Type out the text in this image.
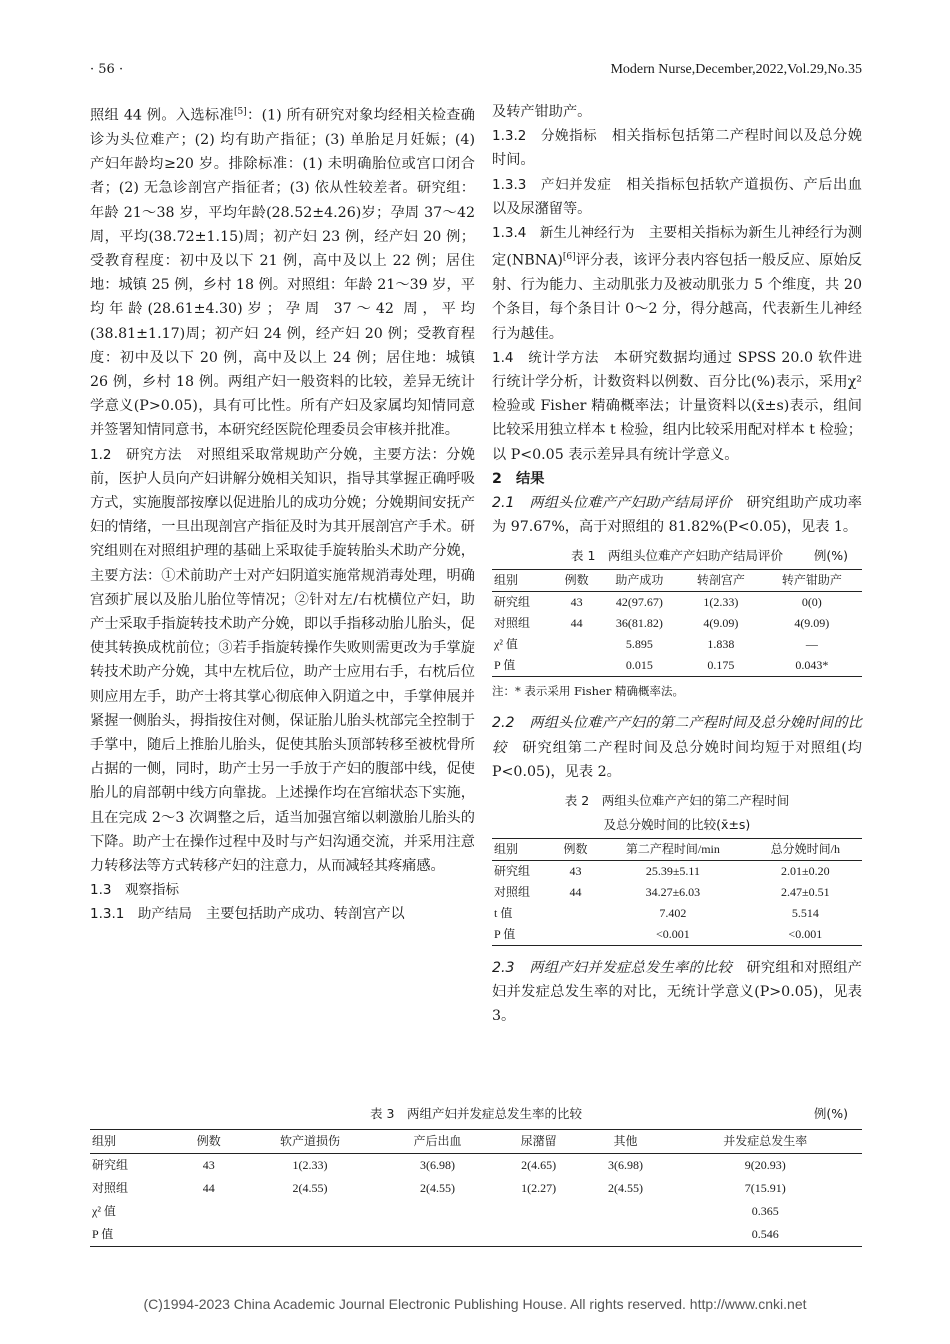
· 56 ·	Modern Nurse,December,2022,Vol.29,No.35

照组 44 例。入选标准[5]：(1) 所有研究对象均经相关检查确诊为头位难产；(2) 均有助产指征；(3) 单胎足月妊娠；(4) 产妇年龄均≥20 岁。排除标准：(1) 未明确胎位或宫口闭合者；(2) 无急诊剖宫产指征者；(3) 依从性较差者。研究组：年龄 21～38 岁，平均年龄(28.52±4.26)岁；孕周 37～42 周，平均(38.72±1.15)周；初产妇 23 例，经产妇 20 例；受教育程度：初中及以下 21 例，高中及以上 22 例；居住地：城镇 25 例，乡村 18 例。对照组：年龄 21～39 岁，平均年龄(28.61±4.30)岁；孕周 37～42 周，平均(38.81±1.17)周；初产妇 24 例，经产妇 20 例；受教育程度：初中及以下 20 例，高中及以上 24 例；居住地：城镇 26 例，乡村 18 例。两组产妇一般资料的比较，差异无统计学意义(P>0.05)，具有可比性。所有产妇及家属均知情同意并签署知情同意书，本研究经医院伦理委员会审核并批准。

1.2　研究方法　对照组采取常规助产分娩，主要方法：分娩前，医护人员向产妇讲解分娩相关知识，指导其掌握正确呼吸方式，实施腹部按摩以促进胎儿的成功分娩；分娩期间安抚产妇的情绪，一旦出现剖宫产指征及时为其开展剖宫产手术。研究组则在对照组护理的基础上采取徒手旋转胎头术助产分娩，主要方法：①术前助产士对产妇阴道实施常规消毒处理，明确宫颈扩展以及胎儿胎位等情况；②针对左/右枕横位产妇，助产士采取手指旋转技术助产分娩，即以手指移动胎儿胎头，促使其转换成枕前位；③若手指旋转操作失败则需更改为手掌旋转技术助产分娩，其中左枕后位，助产士应用右手，右枕后位则应用左手，助产士将其掌心彻底伸入阴道之中，手掌伸展并紧握一侧胎头，拇指按住对侧，保证胎儿胎头枕部完全控制于手掌中，随后上推胎儿胎头，促使其胎头顶部转移至被枕骨所占据的一侧，同时，助产士另一手放于产妇的腹部中线，促使胎儿的肩部朝中线方向靠拢。上述操作均在宫缩状态下实施，且在完成 2～3 次调整之后，适当加强宫缩以刺激胎儿胎头的下降。助产士在操作过程中及时与产妇沟通交流，并采用注意力转移法等方式转移产妇的注意力，从而减轻其疼痛感。

1.3　观察指标

1.3.1　助产结局　主要包括助产成功、转剖宫产以

及转产钳助产。

1.3.2　分娩指标　相关指标包括第二产程时间以及总分娩时间。

1.3.3　产妇并发症　相关指标包括软产道损伤、产后出血以及尿潴留等。

1.3.4　新生儿神经行为　主要相关指标为新生儿神经行为测定(NBNA)[6]评分表，该评分表内容包括一般反应、原始反射、行为能力、主动肌张力及被动肌张力 5 个维度，共 20 个条目，每个条目计 0～2 分，得分越高，代表新生儿神经行为越佳。

1.4　统计学方法　本研究数据均通过 SPSS 20.0 软件进行统计学分析，计数资料以例数、百分比(%)表示，采用χ²检验或 Fisher 精确概率法；计量资料以(x̄±s)表示，组间比较采用独立样本 t 检验，组内比较采用配对样本 t 检验；以 P<0.05 表示差异具有统计学意义。

2　结果

2.1　两组头位难产产妇助产结局评价　研究组助产成功率为 97.67%，高于对照组的 81.82%(P<0.05)，见表 1。

表 1　两组头位难产产妇助产结局评价 例(%)
组别	例数	助产成功	转剖宫产	转产钳助产
研究组	43	42(97.67)	1(2.33)	0(0)
对照组	44	36(81.82)	4(9.09)	4(9.09)
χ² 值		5.895	1.838	—
P 值		0.015	0.175	0.043*
注：* 表示采用 Fisher 精确概率法。

2.2　两组头位难产产妇的第二产程时间及总分娩时间的比较　研究组第二产程时间及总分娩时间均短于对照组(均 P<0.05)，见表 2。

表 2　两组头位难产产妇的第二产程时间
及总分娩时间的比较(x̄±s)
组别	例数	第二产程时间/min	总分娩时间/h
研究组	43	25.39±5.11	2.01±0.20
对照组	44	34.27±6.03	2.47±0.51
t 值		7.402	5.514
P 值		<0.001	<0.001

2.3　两组产妇并发症总发生率的比较　研究组和对照组产妇并发症总发生率的对比，无统计学意义(P>0.05)，见表 3。

表 3　两组产妇并发症总发生率的比较	例(%)
组别	例数	软产道损伤	产后出血	尿潴留	其他	并发症总发生率
研究组	43	1(2.33)	3(6.98)	2(4.65)	3(6.98)	9(20.93)
对照组	44	2(4.55)	2(4.55)	1(2.27)	2(4.55)	7(15.91)
χ² 值						0.365
P 值						0.546
(C)1994-2023 China Academic Journal Electronic Publishing House. All rights reserved. http://www.cnki.net
